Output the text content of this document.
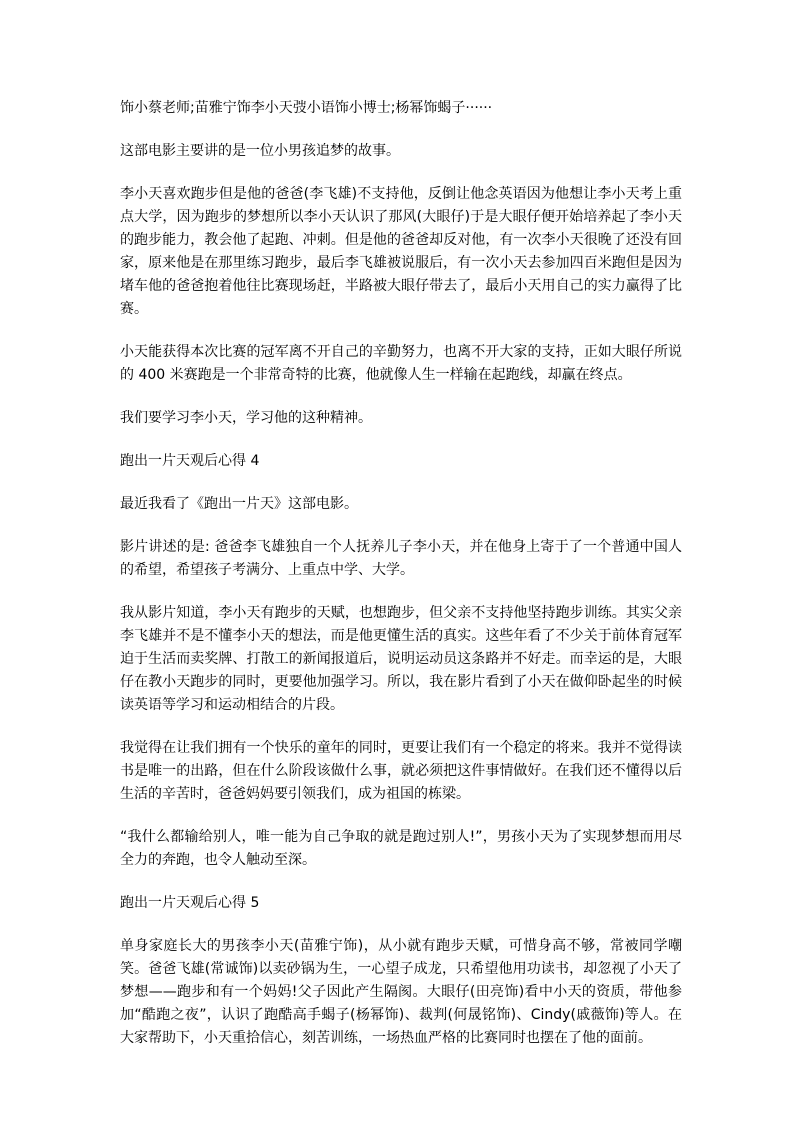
饰小蔡老师;苗雅宁饰李小天弢小语饰小博士;杨幂饰蝎子······

这部电影主要讲的是一位小男孩追梦的故事。

李小天喜欢跑步但是他的爸爸(李飞雄)不支持他，反倒让他念英语因为他想让李小天考上重点大学，因为跑步的梦想所以李小天认识了那风(大眼仔)于是大眼仔便开始培养起了李小天的跑步能力，教会他了起跑、冲刺。但是他的爸爸却反对他，有一次李小天很晚了还没有回家，原来他是在那里练习跑步，最后李飞雄被说服后，有一次小天去参加四百米跑但是因为堵车他的爸爸抱着他往比赛现场赶，半路被大眼仔带去了，最后小天用自己的实力赢得了比赛。

小天能获得本次比赛的冠军离不开自己的辛勤努力，也离不开大家的支持，正如大眼仔所说的 400 米赛跑是一个非常奇特的比赛，他就像人生一样输在起跑线，却赢在终点。

我们要学习李小天，学习他的这种精神。

跑出一片天观后心得 4

最近我看了《跑出一片天》这部电影。

影片讲述的是: 爸爸李飞雄独自一个人抚养儿子李小天，并在他身上寄于了一个普通中国人的希望，希望孩子考满分、上重点中学、大学。

我从影片知道，李小天有跑步的天赋，也想跑步，但父亲不支持他坚持跑步训练。其实父亲李飞雄并不是不懂李小天的想法，而是他更懂生活的真实。这些年看了不少关于前体育冠军迫于生活而卖奖牌、打散工的新闻报道后，说明运动员这条路并不好走。而幸运的是，大眼仔在教小天跑步的同时，更要他加强学习。所以，我在影片看到了小天在做仰卧起坐的时候读英语等学习和运动相结合的片段。

我觉得在让我们拥有一个快乐的童年的同时，更要让我们有一个稳定的将来。我并不觉得读书是唯一的出路，但在什么阶段该做什么事，就必须把这件事情做好。在我们还不懂得以后生活的辛苦时，爸爸妈妈要引领我们，成为祖国的栋梁。

“我什么都输给别人，唯一能为自己争取的就是跑过别人!”，男孩小天为了实现梦想而用尽全力的奔跑，也令人触动至深。

跑出一片天观后心得 5

单身家庭长大的男孩李小天(苗雅宁饰)，从小就有跑步天赋，可惜身高不够，常被同学嘲笑。爸爸飞雄(常诚饰)以卖砂锅为生，一心望子成龙，只希望他用功读书，却忽视了小天了梦想——跑步和有一个妈妈!父子因此产生隔阂。大眼仔(田亮饰)看中小天的资质，带他参加“酷跑之夜”，认识了跑酷高手蝎子(杨幂饰)、裁判(何晟铭饰)、Cindy(戚薇饰)等人。在大家帮助下，小天重拾信心，刻苦训练，一场热血严格的比赛同时也摆在了他的面前。
